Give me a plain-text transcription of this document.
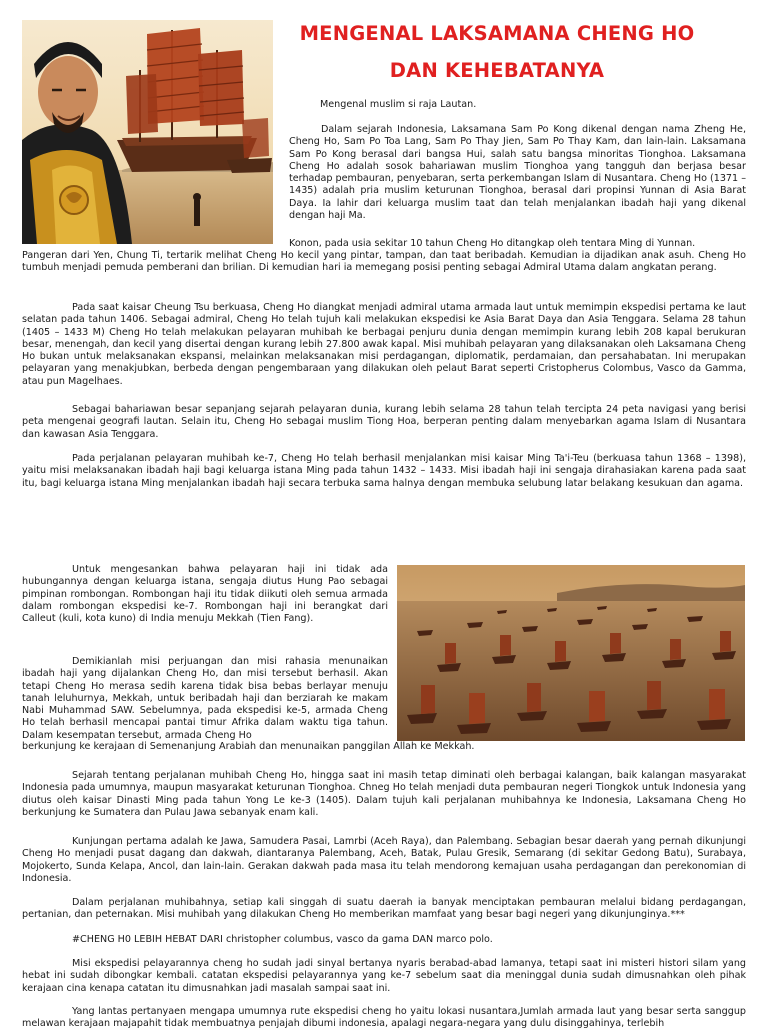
MENGENAL LAKSAMANA CHENG HO
DAN KEHEBATANYA

Mengenal muslim si raja Lautan.

Dalam sejarah Indonesia, Laksamana Sam Po Kong dikenal dengan nama Zheng He, Cheng Ho, Sam Po Toa Lang, Sam Po Thay Jien, Sam Po Thay Kam, dan lain-lain. Laksamana Sam Po Kong berasal dari bangsa Hui, salah satu bangsa minoritas Tionghoa. Laksamana Cheng Ho adalah sosok bahariawan muslim Tionghoa yang tangguh dan berjasa besar terhadap pembauran, penyebaran, serta perkembangan Islam di Nusantara. Cheng Ho (1371 – 1435) adalah pria muslim keturunan Tionghoa, berasal dari propinsi Yunnan di Asia Barat Daya. Ia lahir dari keluarga muslim taat dan telah menjalankan ibadah haji yang dikenal dengan haji Ma.

Konon, pada usia sekitar 10 tahun Cheng Ho ditangkap oleh tentara Ming di Yunnan.

Pangeran dari Yen, Chung Ti, tertarik melihat Cheng Ho kecil yang pintar, tampan, dan taat beribadah. Kemudian ia dijadikan anak asuh. Cheng Ho tumbuh menjadi pemuda pemberani dan brilian. Di kemudian hari ia memegang posisi penting sebagai Admiral Utama dalam angkatan perang.

Pada saat kaisar Cheung Tsu berkuasa, Cheng Ho diangkat menjadi admiral utama armada laut untuk memimpin ekspedisi pertama ke laut selatan pada tahun 1406. Sebagai admiral, Cheng Ho telah tujuh kali melakukan ekspedisi ke Asia Barat Daya dan Asia Tenggara. Selama 28 tahun (1405 – 1433 M) Cheng Ho telah melakukan pelayaran muhibah ke berbagai penjuru dunia dengan memimpin kurang lebih 208 kapal berukuran besar, menengah, dan kecil yang disertai dengan kurang lebih 27.800 awak kapal. Misi muhibah pelayaran yang dilaksanakan oleh Laksamana Cheng Ho bukan untuk melaksanakan ekspansi, melainkan melaksanakan misi perdagangan, diplomatik, perdamaian, dan persahabatan. Ini merupakan pelayaran yang menakjubkan, berbeda dengan pengembaraan yang dilakukan oleh pelaut Barat seperti Cristopherus Colombus, Vasco da Gamma, atau pun Magelhaes.

Sebagai bahariawan besar sepanjang sejarah pelayaran dunia, kurang lebih selama 28 tahun telah tercipta 24 peta navigasi yang berisi peta mengenai geografi lautan. Selain itu, Cheng Ho sebagai muslim Tiong Hoa, berperan penting dalam menyebarkan agama Islam di Nusantara dan kawasan Asia Tenggara.

Pada perjalanan pelayaran muhibah ke-7, Cheng Ho telah berhasil menjalankan misi kaisar Ming Ta'i-Teu (berkuasa tahun 1368 – 1398), yaitu misi melaksanakan ibadah haji bagi keluarga istana Ming pada tahun 1432 – 1433. Misi ibadah haji ini sengaja dirahasiakan karena pada saat itu, bagi keluarga istana Ming menjalankan ibadah haji secara terbuka sama halnya dengan membuka selubung latar belakang kesukuan dan agama.

Untuk mengesankan bahwa pelayaran haji ini tidak ada hubungannya dengan keluarga istana, sengaja diutus Hung Pao sebagai pimpinan rombongan. Rombongan haji itu tidak diikuti oleh semua armada dalam rombongan ekspedisi ke-7. Rombongan haji ini berangkat dari Calleut (kuli, kota kuno) di India menuju Mekkah (Tien Fang).

Demikianlah misi perjuangan dan misi rahasia menunaikan ibadah haji yang dijalankan Cheng Ho, dan misi tersebut berhasil. Akan tetapi Cheng Ho merasa sedih karena tidak bisa bebas berlayar menuju tanah leluhurnya, Mekkah, untuk beribadah haji dan berziarah ke makam Nabi Muhammad SAW. Sebelumnya, pada ekspedisi ke-5, armada Cheng Ho telah berhasil mencapai pantai timur Afrika dalam waktu tiga tahun. Dalam kesempatan tersebut, armada Cheng Ho

berkunjung ke kerajaan di Semenanjung Arabiah dan menunaikan panggilan Allah ke Mekkah.

Sejarah tentang perjalanan muhibah Cheng Ho, hingga saat ini masih tetap diminati oleh berbagai kalangan, baik kalangan masyarakat Indonesia pada umumnya, maupun masyarakat keturunan Tionghoa. Chneg Ho telah menjadi duta pembauran negeri Tiongkok untuk Indonesia yang diutus oleh kaisar Dinasti Ming pada tahun Yong Le ke-3 (1405). Dalam tujuh kali perjalanan muhibahnya ke Indonesia, Laksamana Cheng Ho berkunjung ke Sumatera dan Pulau Jawa sebanyak enam kali.

Kunjungan pertama adalah ke Jawa, Samudera Pasai, Lamrbi (Aceh Raya), dan Palembang. Sebagian besar daerah yang pernah dikunjungi Cheng Ho menjadi pusat dagang dan dakwah, diantaranya Palembang, Aceh, Batak, Pulau Gresik, Semarang (di sekitar Gedong Batu), Surabaya, Mojokerto, Sunda Kelapa, Ancol, dan lain-lain. Gerakan dakwah pada masa itu telah mendorong kemajuan usaha perdagangan dan perekonomian di Indonesia.

Dalam perjalanan muhibahnya, setiap kali singgah di suatu daerah ia banyak menciptakan pembauran melalui bidang perdagangan, pertanian, dan peternakan. Misi muhibah yang dilakukan Cheng Ho memberikan mamfaat yang besar bagi negeri yang dikunjunginya.***

#CHENG H0 LEBIH HEBAT DARI christopher columbus, vasco da gama DAN marco polo.

Misi ekspedisi pelayarannya cheng ho sudah jadi sinyal bertanya nyaris berabad-abad lamanya, tetapi saat ini misteri histori silam yang hebat ini sudah dibongkar kembali. catatan ekspedisi pelayarannya yang ke-7 sebelum saat dia meninggal dunia sudah dimusnahkan oleh pihak kerajaan cina kenapa catatan itu dimusnahkan jadi masalah sampai saat ini.

Yang lantas pertanyaen mengapa umumnya rute ekspedisi cheng ho yaitu lokasi nusantara,Jumlah armada laut yang besar serta sanggup melawan kerajaan majapahit tidak membuatnya penjajah dibumi indonesia, apalagi negara-negara yang dulu disinggahinya, terlebih
